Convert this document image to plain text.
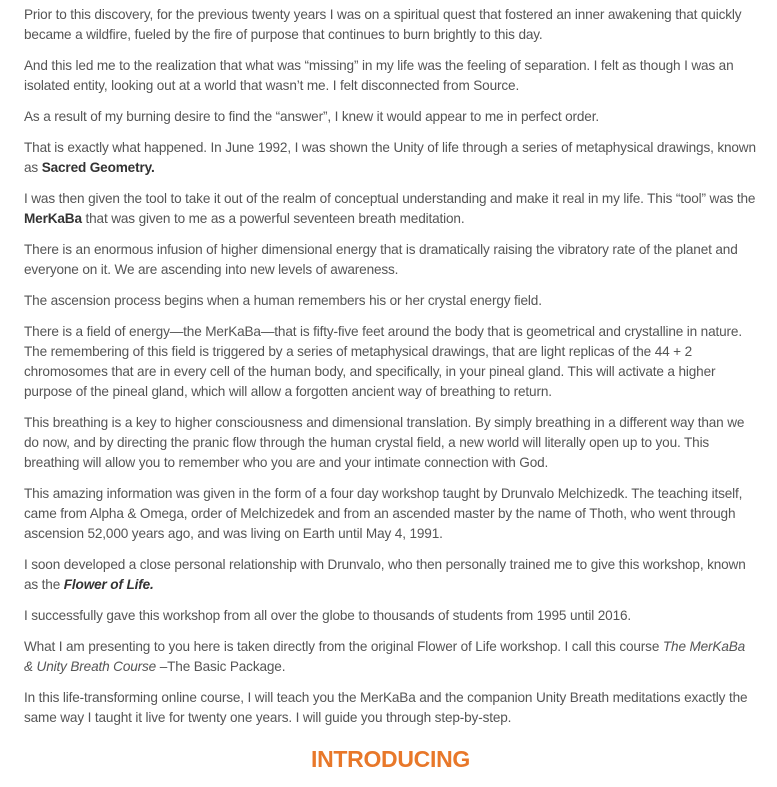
Prior to this discovery, for the previous twenty years I was on a spiritual quest that fostered an inner awakening that quickly became a wildfire, fueled by the fire of purpose that continues to burn brightly to this day.

And this led me to the realization that what was “missing” in my life was the feeling of separation. I felt as though I was an isolated entity, looking out at a world that wasn’t me. I felt disconnected from Source.

As a result of my burning desire to find the “answer”, I knew it would appear to me in perfect order.

That is exactly what happened. In June 1992, I was shown the Unity of life through a series of metaphysical drawings, known as Sacred Geometry.

I was then given the tool to take it out of the realm of conceptual understanding and make it real in my life. This “tool” was the MerKaBa that was given to me as a powerful seventeen breath meditation.

There is an enormous infusion of higher dimensional energy that is dramatically raising the vibratory rate of the planet and everyone on it. We are ascending into new levels of awareness.

The ascension process begins when a human remembers his or her crystal energy field.

There is a field of energy—the MerKaBa—that is fifty-five feet around the body that is geometrical and crystalline in nature. The remembering of this field is triggered by a series of metaphysical drawings, that are light replicas of the 44 + 2 chromosomes that are in every cell of the human body, and specifically, in your pineal gland. This will activate a higher purpose of the pineal gland, which will allow a forgotten ancient way of breathing to return.

This breathing is a key to higher consciousness and dimensional translation. By simply breathing in a different way than we do now, and by directing the pranic flow through the human crystal field, a new world will literally open up to you. This breathing will allow you to remember who you are and your intimate connection with God.

This amazing information was given in the form of a four day workshop taught by Drunvalo Melchizedk. The teaching itself, came from Alpha & Omega, order of Melchizedek and from an ascended master by the name of Thoth, who went through ascension 52,000 years ago, and was living on Earth until May 4, 1991.

I soon developed a close personal relationship with Drunvalo, who then personally trained me to give this workshop, known as the Flower of Life.

I successfully gave this workshop from all over the globe to thousands of students from 1995 until 2016.

What I am presenting to you here is taken directly from the original Flower of Life workshop. I call this course The MerKaBa & Unity Breath Course –The Basic Package.

In this life-transforming online course, I will teach you the MerKaBa and the companion Unity Breath meditations exactly the same way I taught it live for twenty one years. I will guide you through step-by-step.

INTRODUCING
